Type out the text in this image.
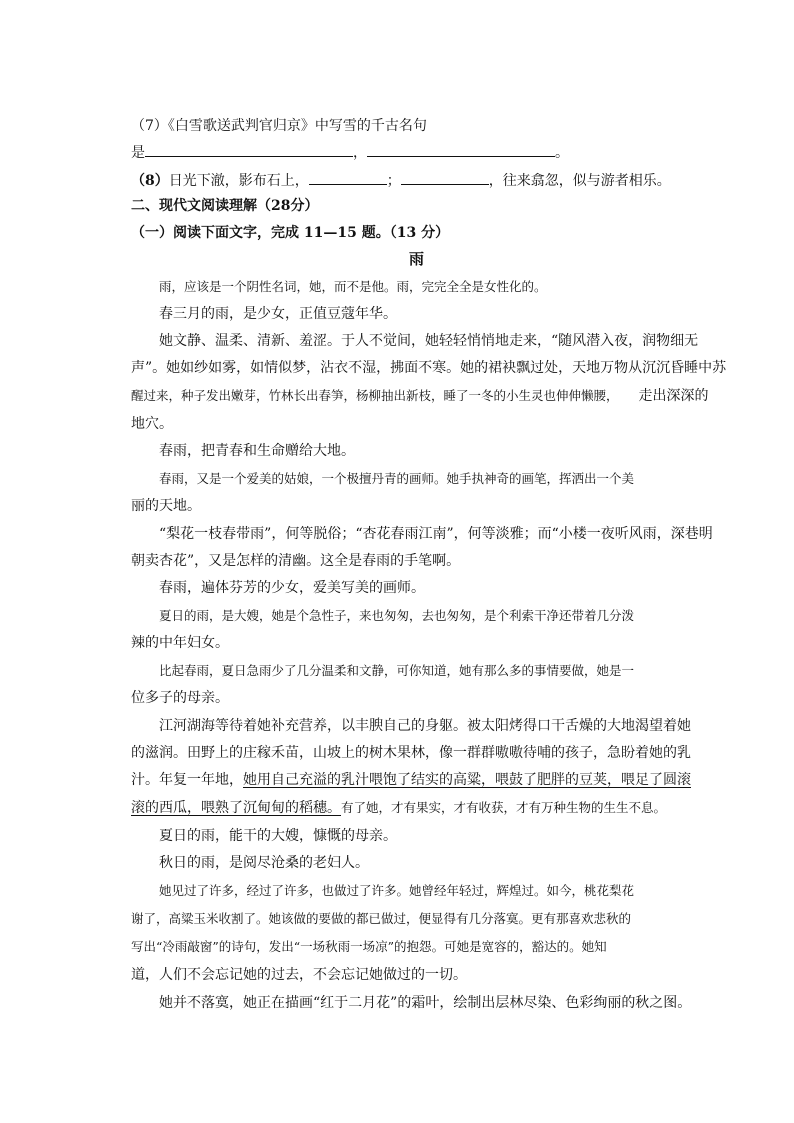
（7）《白雪歌送武判官归京》中写雪的千古名句
是	，	。
（8）日光下澈，影布石上，	；	，往来翕忽，似与游者相乐。
二、现代文阅读理解（28分）
（一）阅读下面文字，完成 11—15 题。（13 分）
雨
雨，应该是一个阴性名词，她，而不是他。雨，完完全全是女性化的。
春三月的雨，是少女，正值豆蔻年华。
她文静、温柔、清新、羞涩。于人不觉间，她轻轻悄悄地走来，“随风潜入夜，润物细无
声”。她如纱如雾，如情似梦，沾衣不湿，拂面不寒。她的裙袂飘过处，天地万物从沉沉昏睡中苏
醒过来，种子发出嫩芽，竹林长出春笋，杨柳抽出新枝，睡了一冬的小生灵也伸伸懒腰， 走出深深的
地穴。
春雨，把青春和生命赠给大地。
春雨，又是一个爱美的姑娘，一个极擅丹青的画师。她手执神奇的画笔，挥洒出一个美
丽的天地。
“梨花一枝春带雨”，何等脱俗；“杏花春雨江南”，何等淡雅；而“小楼一夜听风雨，深巷明
朝卖杏花”，又是怎样的清幽。这全是春雨的手笔啊。
春雨，遍体芬芳的少女，爱美写美的画师。
夏日的雨，是大嫂，她是个急性子，来也匆匆，去也匆匆，是个利索干净还带着几分泼
辣的中年妇女。
比起春雨，夏日急雨少了几分温柔和文静，可你知道，她有那么多的事情要做，她是一
位多子的母亲。
江河湖海等待着她补充营养，以丰腴自己的身躯。被太阳烤得口干舌燥的大地渴望着她
的滋润。田野上的庄稼禾苗，山坡上的树木果林，像一群群嗷嗷待哺的孩子，急盼着她的乳
汁。年复一年地，她用自己充溢的乳汁喂饱了结实的高粱，喂鼓了肥胖的豆荚，喂足了圆滚
滚的西瓜，喂熟了沉甸甸的稻穗。有了她，才有果实，才有收获，才有万种生物的生生不息。
夏日的雨，能干的大嫂，慷慨的母亲。
秋日的雨，是阅尽沧桑的老妇人。
她见过了许多，经过了许多，也做过了许多。她曾经年轻过，辉煌过。如今，桃花梨花
谢了，高粱玉米收割了。她该做的要做的都已做过，便显得有几分落寞。更有那喜欢悲秋的
写出“冷雨敲窗”的诗句，发出“一场秋雨一场凉”的抱怨。可她是宽容的，豁达的。她知
道，人们不会忘记她的过去，不会忘记她做过的一切。
她并不落寞，她正在描画“红于二月花”的霜叶，绘制出层林尽染、色彩绚丽的秋之图。
